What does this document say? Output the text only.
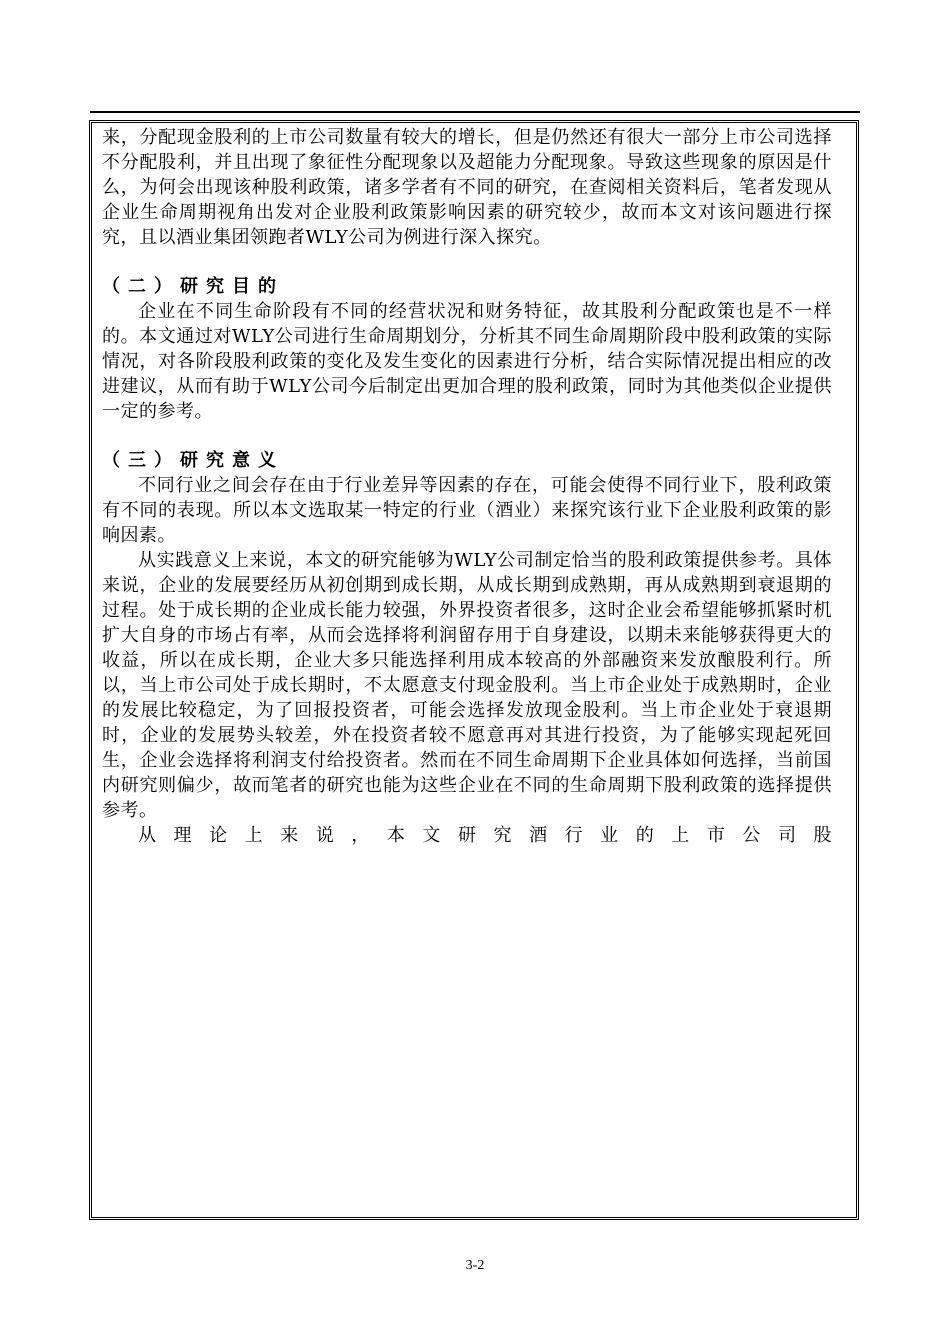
来，分配现金股利的上市公司数量有较大的增长，但是仍然还有很大一部分上市公司选择不分配股利，并且出现了象征性分配现象以及超能力分配现象。导致这些现象的原因是什么，为何会出现该种股利政策，诸多学者有不同的研究，在查阅相关资料后，笔者发现从企业生命周期视角出发对企业股利政策影响因素的研究较少，故而本文对该问题进行探究，且以酒业集团领跑者WLY公司为例进行深入探究。

（二）研究目的

企业在不同生命阶段有不同的经营状况和财务特征，故其股利分配政策也是不一样的。本文通过对WLY公司进行生命周期划分，分析其不同生命周期阶段中股利政策的实际情况，对各阶段股利政策的变化及发生变化的因素进行分析，结合实际情况提出相应的改进建议，从而有助于WLY公司今后制定出更加合理的股利政策，同时为其他类似企业提供一定的参考。

（三）研究意义

不同行业之间会存在由于行业差异等因素的存在，可能会使得不同行业下，股利政策有不同的表现。所以本文选取某一特定的行业（酒业）来探究该行业下企业股利政策的影响因素。

从实践意义上来说，本文的研究能够为WLY公司制定恰当的股利政策提供参考。具体来说，企业的发展要经历从初创期到成长期，从成长期到成熟期，再从成熟期到衰退期的过程。处于成长期的企业成长能力较强，外界投资者很多，这时企业会希望能够抓紧时机扩大自身的市场占有率，从而会选择将利润留存用于自身建设，以期未来能够获得更大的收益，所以在成长期，企业大多只能选择利用成本较高的外部融资来发放酿股利行。所以，当上市公司处于成长期时，不太愿意支付现金股利。当上市企业处于成熟期时，企业的发展比较稳定，为了回报投资者，可能会选择发放现金股利。当上市企业处于衰退期时，企业的发展势头较差，外在投资者较不愿意再对其进行投资，为了能够实现起死回生，企业会选择将利润支付给投资者。然而在不同生命周期下企业具体如何选择，当前国内研究则偏少，故而笔者的研究也能为这些企业在不同的生命周期下股利政策的选择提供参考。

从理论上来说，本文研究酒行业的上市公司股

3-2
